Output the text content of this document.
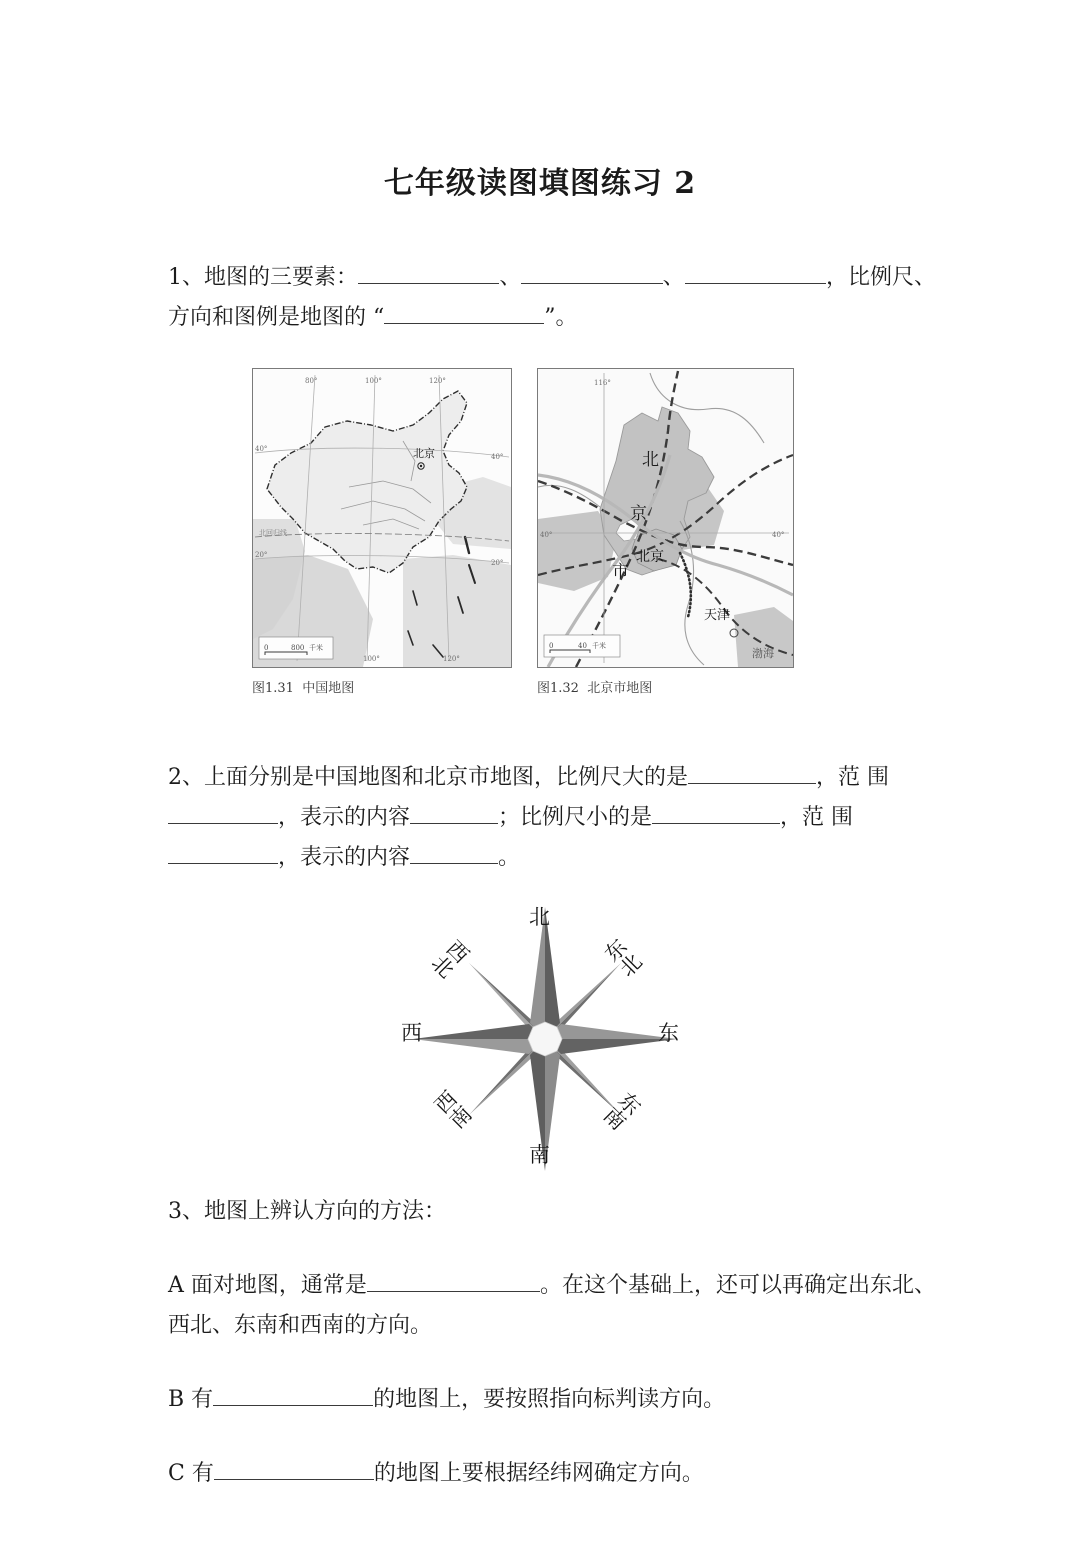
七年级读图填图练习 2
1、地图的三要素：	、	、	，比例尺、
方向和图例是地图的 “	”。
80°	100°	120°
100°	120°
40°
40°
20°
20°
北回归线
北京
0	800 千米
图1.31  中国地图
116°
40°	40°
北
京
市
北京
天津
渤海
0	40 千米
图1.32  北京市地图
2、上面分别是中国地图和北京市地图，比例尺大的是	，范 围
，表示的内容	； 比例尺小的是	，范 围
，表示的内容	。
北
东北
东
东南
南
西南
西
西北
3、地图上辨认方向的方法：
A 面对地图，通常是	。在这个基础上，还可以再确定出东北、
西北、东南和西南的方向。
B 有	的地图上，要按照指向标判读方向。
C 有	的地图上要根据经纬网确定方向。
